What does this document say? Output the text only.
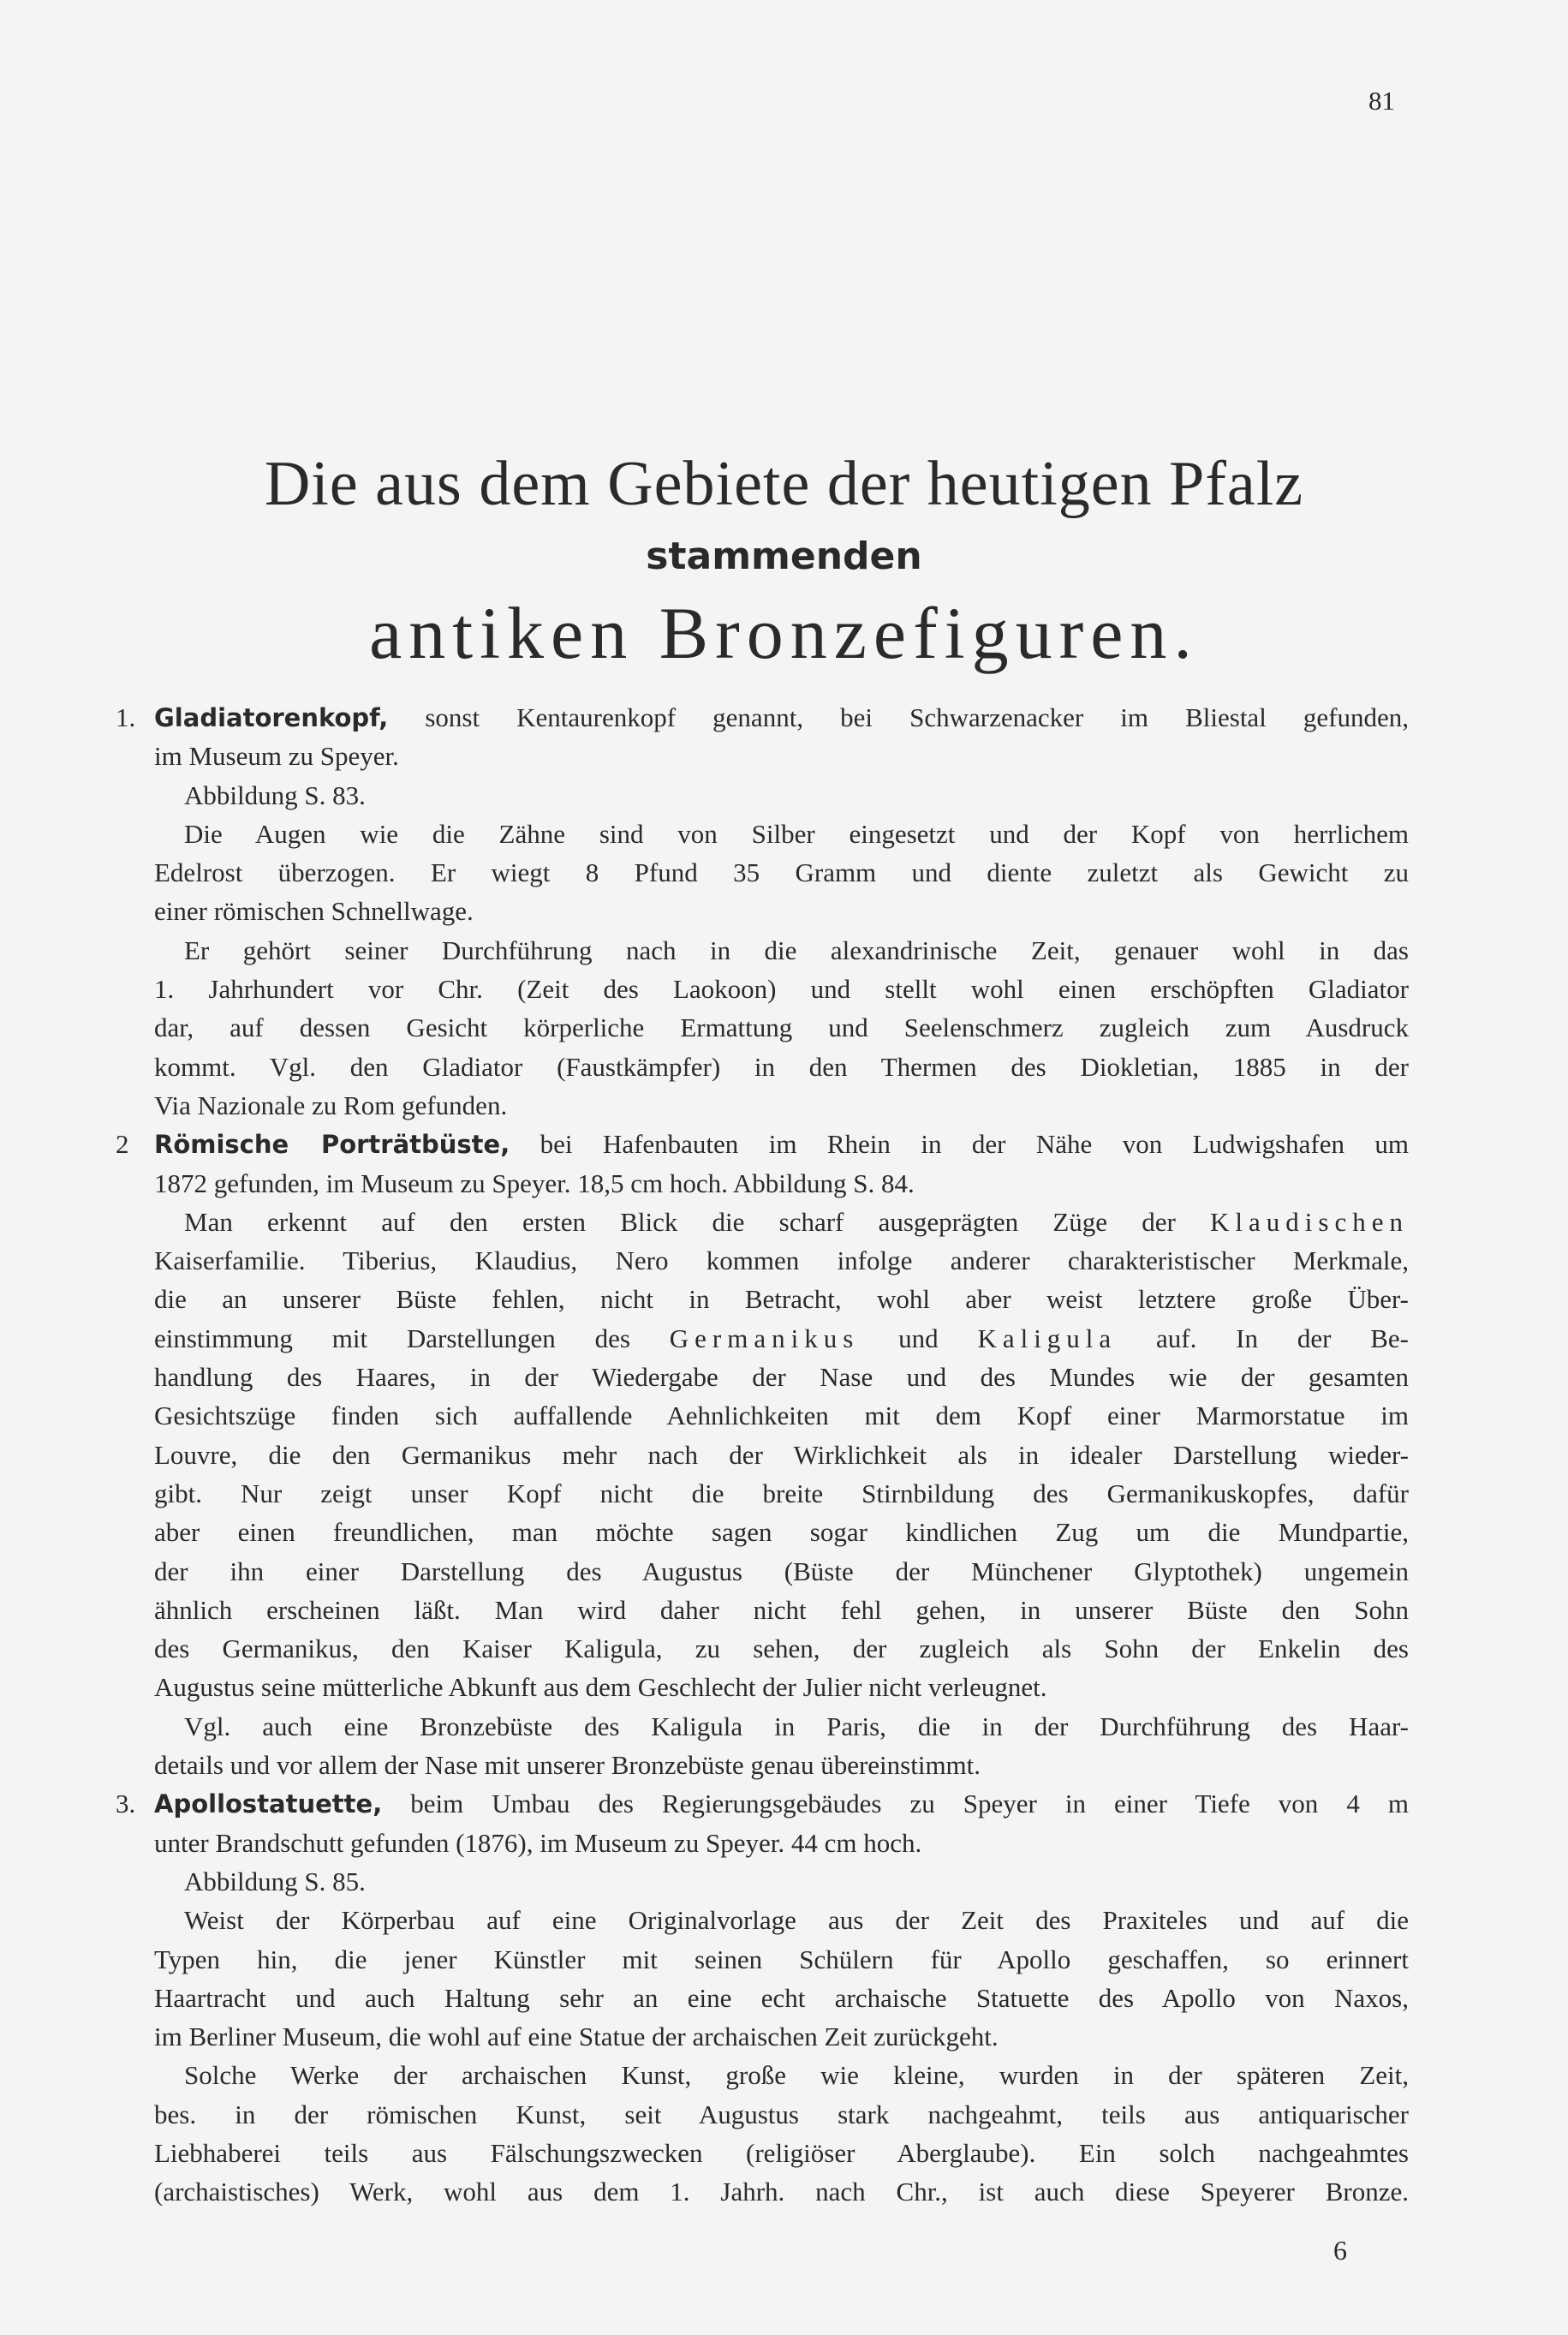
81
Die aus dem Gebiete der heutigen Pfalz
stammenden
antiken Bronzefiguren.
1. Gladiatorenkopf, sonst Kentaurenkopf genannt, bei Schwarzenacker im Bliestal gefunden,
im Museum zu Speyer.
Abbildung S. 83.
Die Augen wie die Zähne sind von Silber eingesetzt und der Kopf von herrlichem
Edelrost überzogen. Er wiegt 8 Pfund 35 Gramm und diente zuletzt als Gewicht zu
einer römischen Schnellwage.
Er gehört seiner Durchführung nach in die alexandrinische Zeit, genauer wohl in das
1. Jahrhundert vor Chr. (Zeit des Laokoon) und stellt wohl einen erschöpften Gladiator
dar, auf dessen Gesicht körperliche Ermattung und Seelenschmerz zugleich zum Ausdruck
kommt. Vgl. den Gladiator (Faustkämpfer) in den Thermen des Diokletian, 1885 in der
Via Nazionale zu Rom gefunden.
2	Römische Porträtbüste, bei Hafenbauten im Rhein in der Nähe von Ludwigshafen um
1872 gefunden, im Museum zu Speyer. 18,5 cm hoch. Abbildung S. 84.
Man erkennt auf den ersten Blick die scharf ausgeprägten Züge der Klaudischen
Kaiserfamilie. Tiberius, Klaudius, Nero kommen infolge anderer charakteristischer Merkmale,
die an unserer Büste fehlen, nicht in Betracht, wohl aber weist letztere große Über-
einstimmung mit Darstellungen des Germanikus und Kaligula auf. In der Be-
handlung des Haares, in der Wiedergabe der Nase und des Mundes wie der gesamten
Gesichtszüge finden sich auffallende Aehnlichkeiten mit dem Kopf einer Marmorstatue im
Louvre, die den Germanikus mehr nach der Wirklichkeit als in idealer Darstellung wieder-
gibt. Nur zeigt unser Kopf nicht die breite Stirnbildung des Germanikuskopfes, dafür
aber einen freundlichen, man möchte sagen sogar kindlichen Zug um die Mundpartie,
der ihn einer Darstellung des Augustus (Büste der Münchener Glyptothek) ungemein
ähnlich erscheinen läßt. Man wird daher nicht fehl gehen, in unserer Büste den Sohn
des Germanikus, den Kaiser Kaligula, zu sehen, der zugleich als Sohn der Enkelin des
Augustus seine mütterliche Abkunft aus dem Geschlecht der Julier nicht verleugnet.
Vgl. auch eine Bronzebüste des Kaligula in Paris, die in der Durchführung des Haar-
details und vor allem der Nase mit unserer Bronzebüste genau übereinstimmt.
3. Apollostatuette, beim Umbau des Regierungsgebäudes zu Speyer in einer Tiefe von 4 m
unter Brandschutt gefunden (1876), im Museum zu Speyer. 44 cm hoch.
Abbildung S. 85.
Weist der Körperbau auf eine Originalvorlage aus der Zeit des Praxiteles und auf die
Typen hin, die jener Künstler mit seinen Schülern für Apollo geschaffen, so erinnert
Haartracht und auch Haltung sehr an eine echt archaische Statuette des Apollo von Naxos,
im Berliner Museum, die wohl auf eine Statue der archaischen Zeit zurückgeht.
Solche Werke der archaischen Kunst, große wie kleine, wurden in der späteren Zeit,
bes. in der römischen Kunst, seit Augustus stark nachgeahmt, teils aus antiquarischer
Liebhaberei teils aus Fälschungszwecken (religiöser Aberglaube). Ein solch nachgeahmtes
(archaistisches) Werk, wohl aus dem 1. Jahrh. nach Chr., ist auch diese Speyerer Bronze.
6
